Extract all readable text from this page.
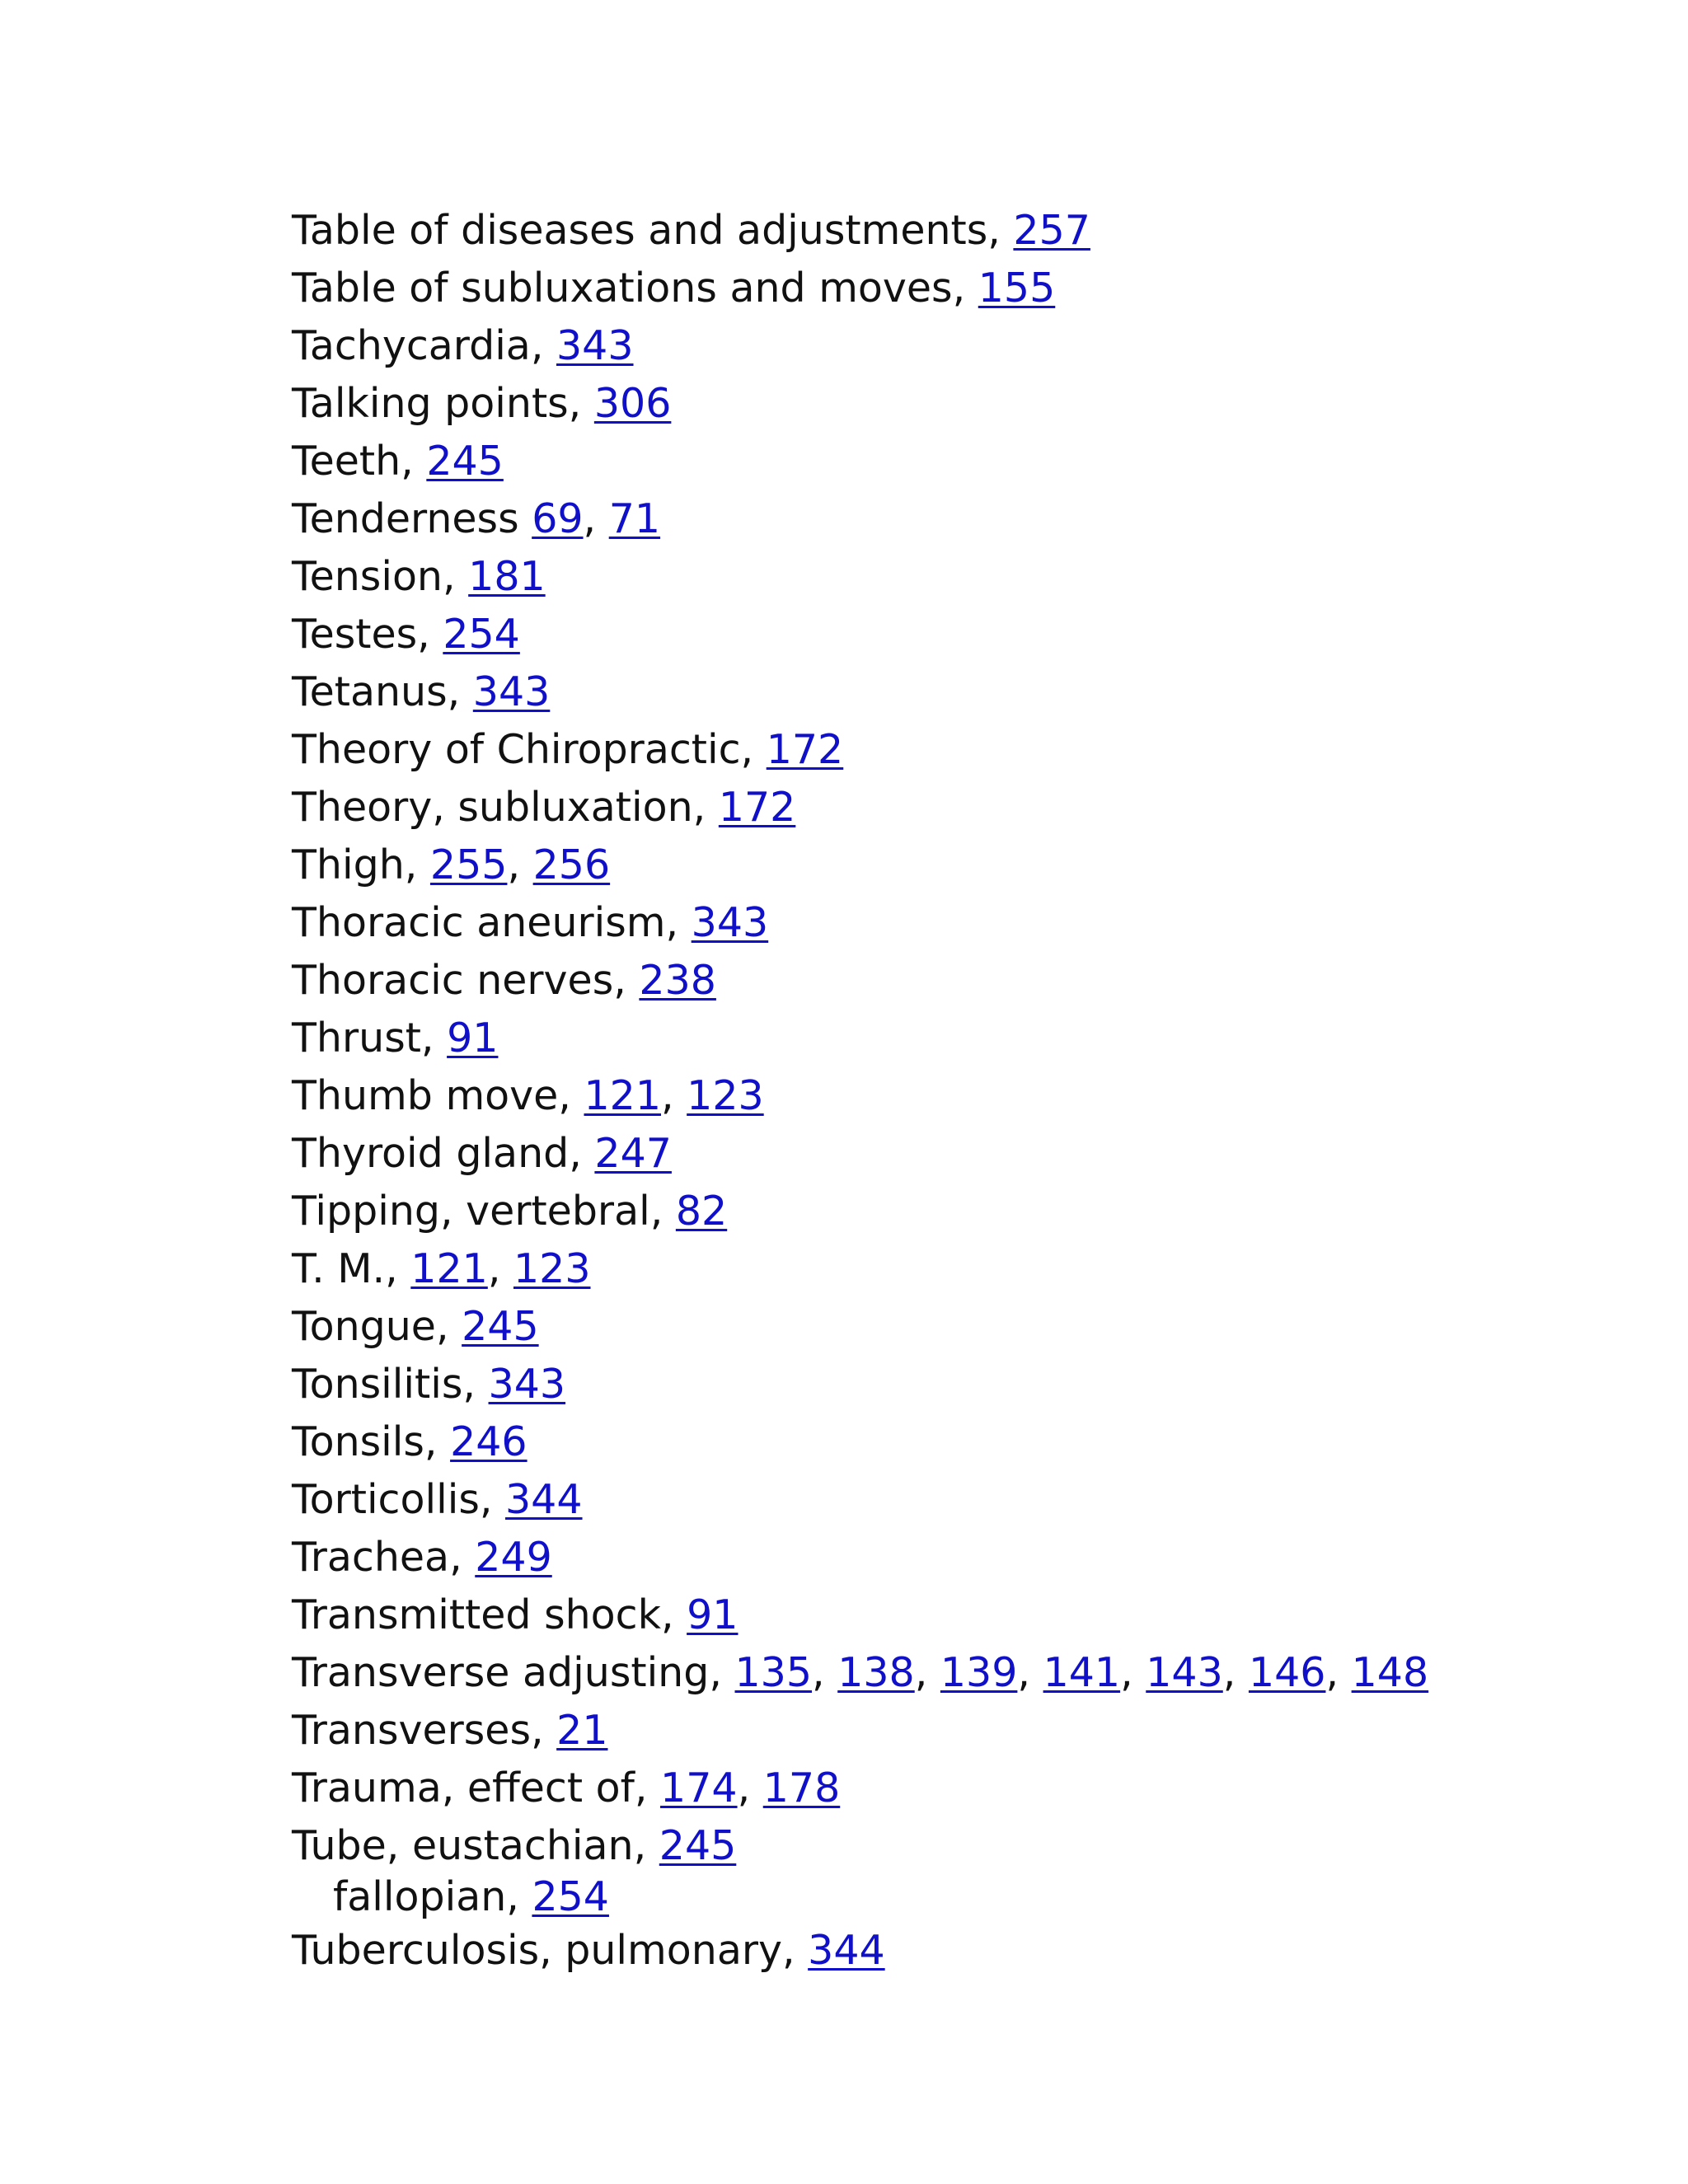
Table of diseases and adjustments, 257
Table of subluxations and moves, 155
Tachycardia, 343
Talking points, 306
Teeth, 245
Tenderness 69, 71
Tension, 181
Testes, 254
Tetanus, 343
Theory of Chiropractic, 172
Theory, subluxation, 172
Thigh, 255, 256
Thoracic aneurism, 343
Thoracic nerves, 238
Thrust, 91
Thumb move, 121, 123
Thyroid gland, 247
Tipping, vertebral, 82
T. M., 121, 123
Tongue, 245
Tonsilitis, 343
Tonsils, 246
Torticollis, 344
Trachea, 249
Transmitted shock, 91
Transverse adjusting, 135, 138, 139, 141, 143, 146, 148
Transverses, 21
Trauma, effect of, 174, 178
Tube, eustachian, 245
fallopian, 254
Tuberculosis, pulmonary, 344
